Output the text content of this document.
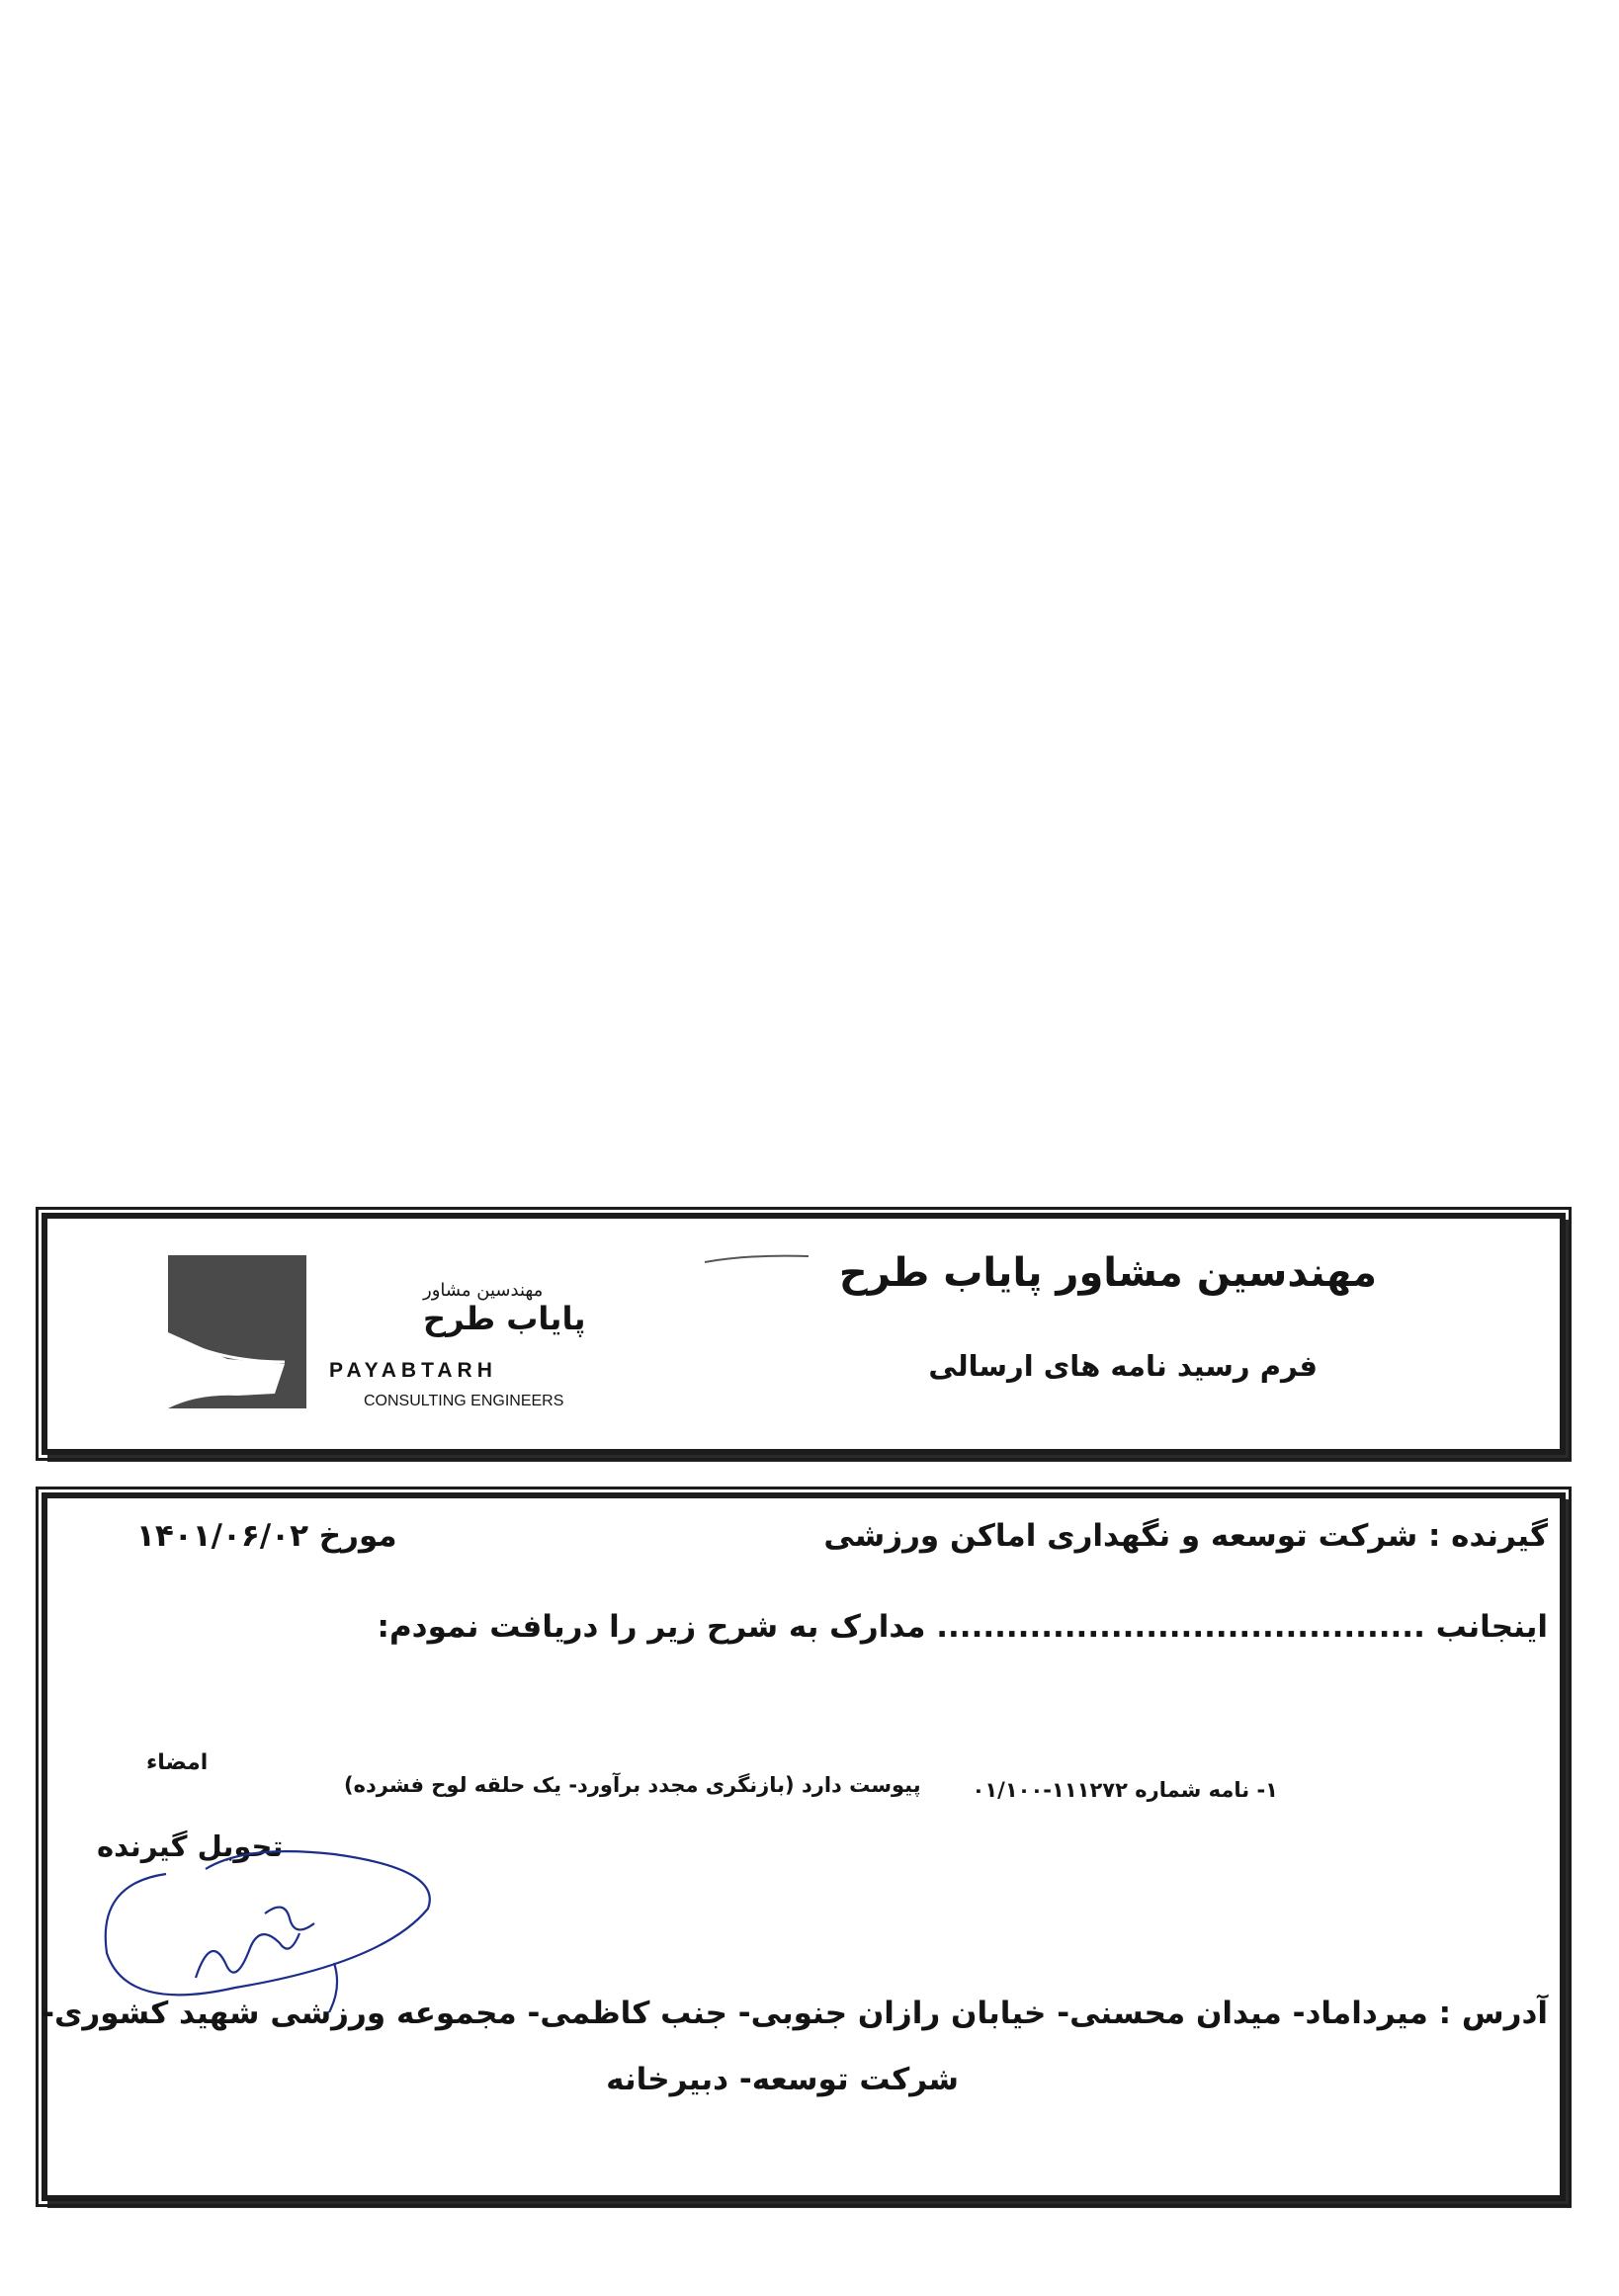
مهندسین مشاور پایاب طرح
فرم رسید نامه های ارسالی
مهندسین مشاور
پایاب طرح
PAYABTARH
CONSULTING ENGINEERS
گیرنده : شرکت توسعه و نگهداری اماکن ورزشی
مورخ ۱۴۰۱/۰۶/۰۲
اینجانب .......................................... مدارک به شرح زیر را دریافت نمودم:
امضاء
۱- نامه شماره ۱۱۱۲۷۲-۰۱/۱۰۰
پیوست دارد (بازنگری مجدد برآورد- یک حلقه لوح فشرده)
تحویل گیرنده
آدرس : میرداماد- میدان محسنی- خیابان رازان جنوبی- جنب کاظمی- مجموعه ورزشی شهید کشوری-
شرکت توسعه- دبیرخانه
